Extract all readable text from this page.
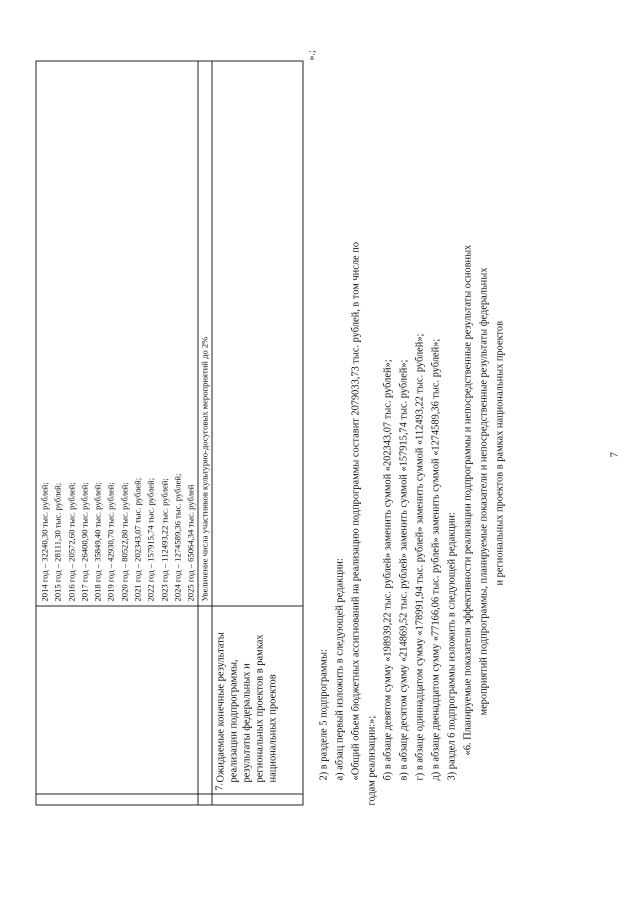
7
2014 год – 32240,30 тыс. рублей; 2015 год – 28111,30 тыс. рублей; 2016 год – 20572,60 тыс. рублей; 2017 год – 26400,90 тыс. рублей; 2018 год – 35849,40 тыс. рублей; 2019 год – 42930,70 тыс. рублей; 2020 год – 80522,80 тыс. рублей; 2021 год – 202343,07 тыс. рублей; 2022 год – 157915,74 тыс. рублей; 2023 год – 112493,22 тыс. рублей; 2024 год – 1274589,36 тыс. рублей; 2025 год – 65064,34 тыс. рублей Увеличение числа участников культурно-досуговых мероприятий до 2%
7.
Ожидаемые конечные результаты реализации подпрограммы, результаты федеральных и региональных проектов в рамках национальных проектов
».;
2) в разделе 5 подпрограммы: а) абзац первый изложить в следующей редакции: «Общий объем бюджетных ассигнований на реализацию подпрограммы составит 2079033,73 тыс. рублей, в том числе по годам реализации:»; б) в абзаце девятом сумму «198939,22 тыс. рублей» заменить суммой «202343,07 тыс. рублей»; в) в абзаце десятом сумму «214869,52 тыс. рублей» заменить суммой «157915,74 тыс. рублей»; г) в абзаце одиннадцатом сумму «178991,94 тыс. рублей» заменить суммой «112493,22 тыс. рублей»; д) в абзаце двенадцатом сумму «77166,06 тыс. рублей» заменить суммой «1274589,36 тыс. рублей»; 3) раздел 6 подпрограммы изложить в следующей редакции: «6. Планируемые показатели эффективности реализации подпрограммы и непосредственные результаты основных мероприятий подпрограммы, планируемые показатели и непосредственные результаты федеральных и региональных проектов в рамках национальных проектов
